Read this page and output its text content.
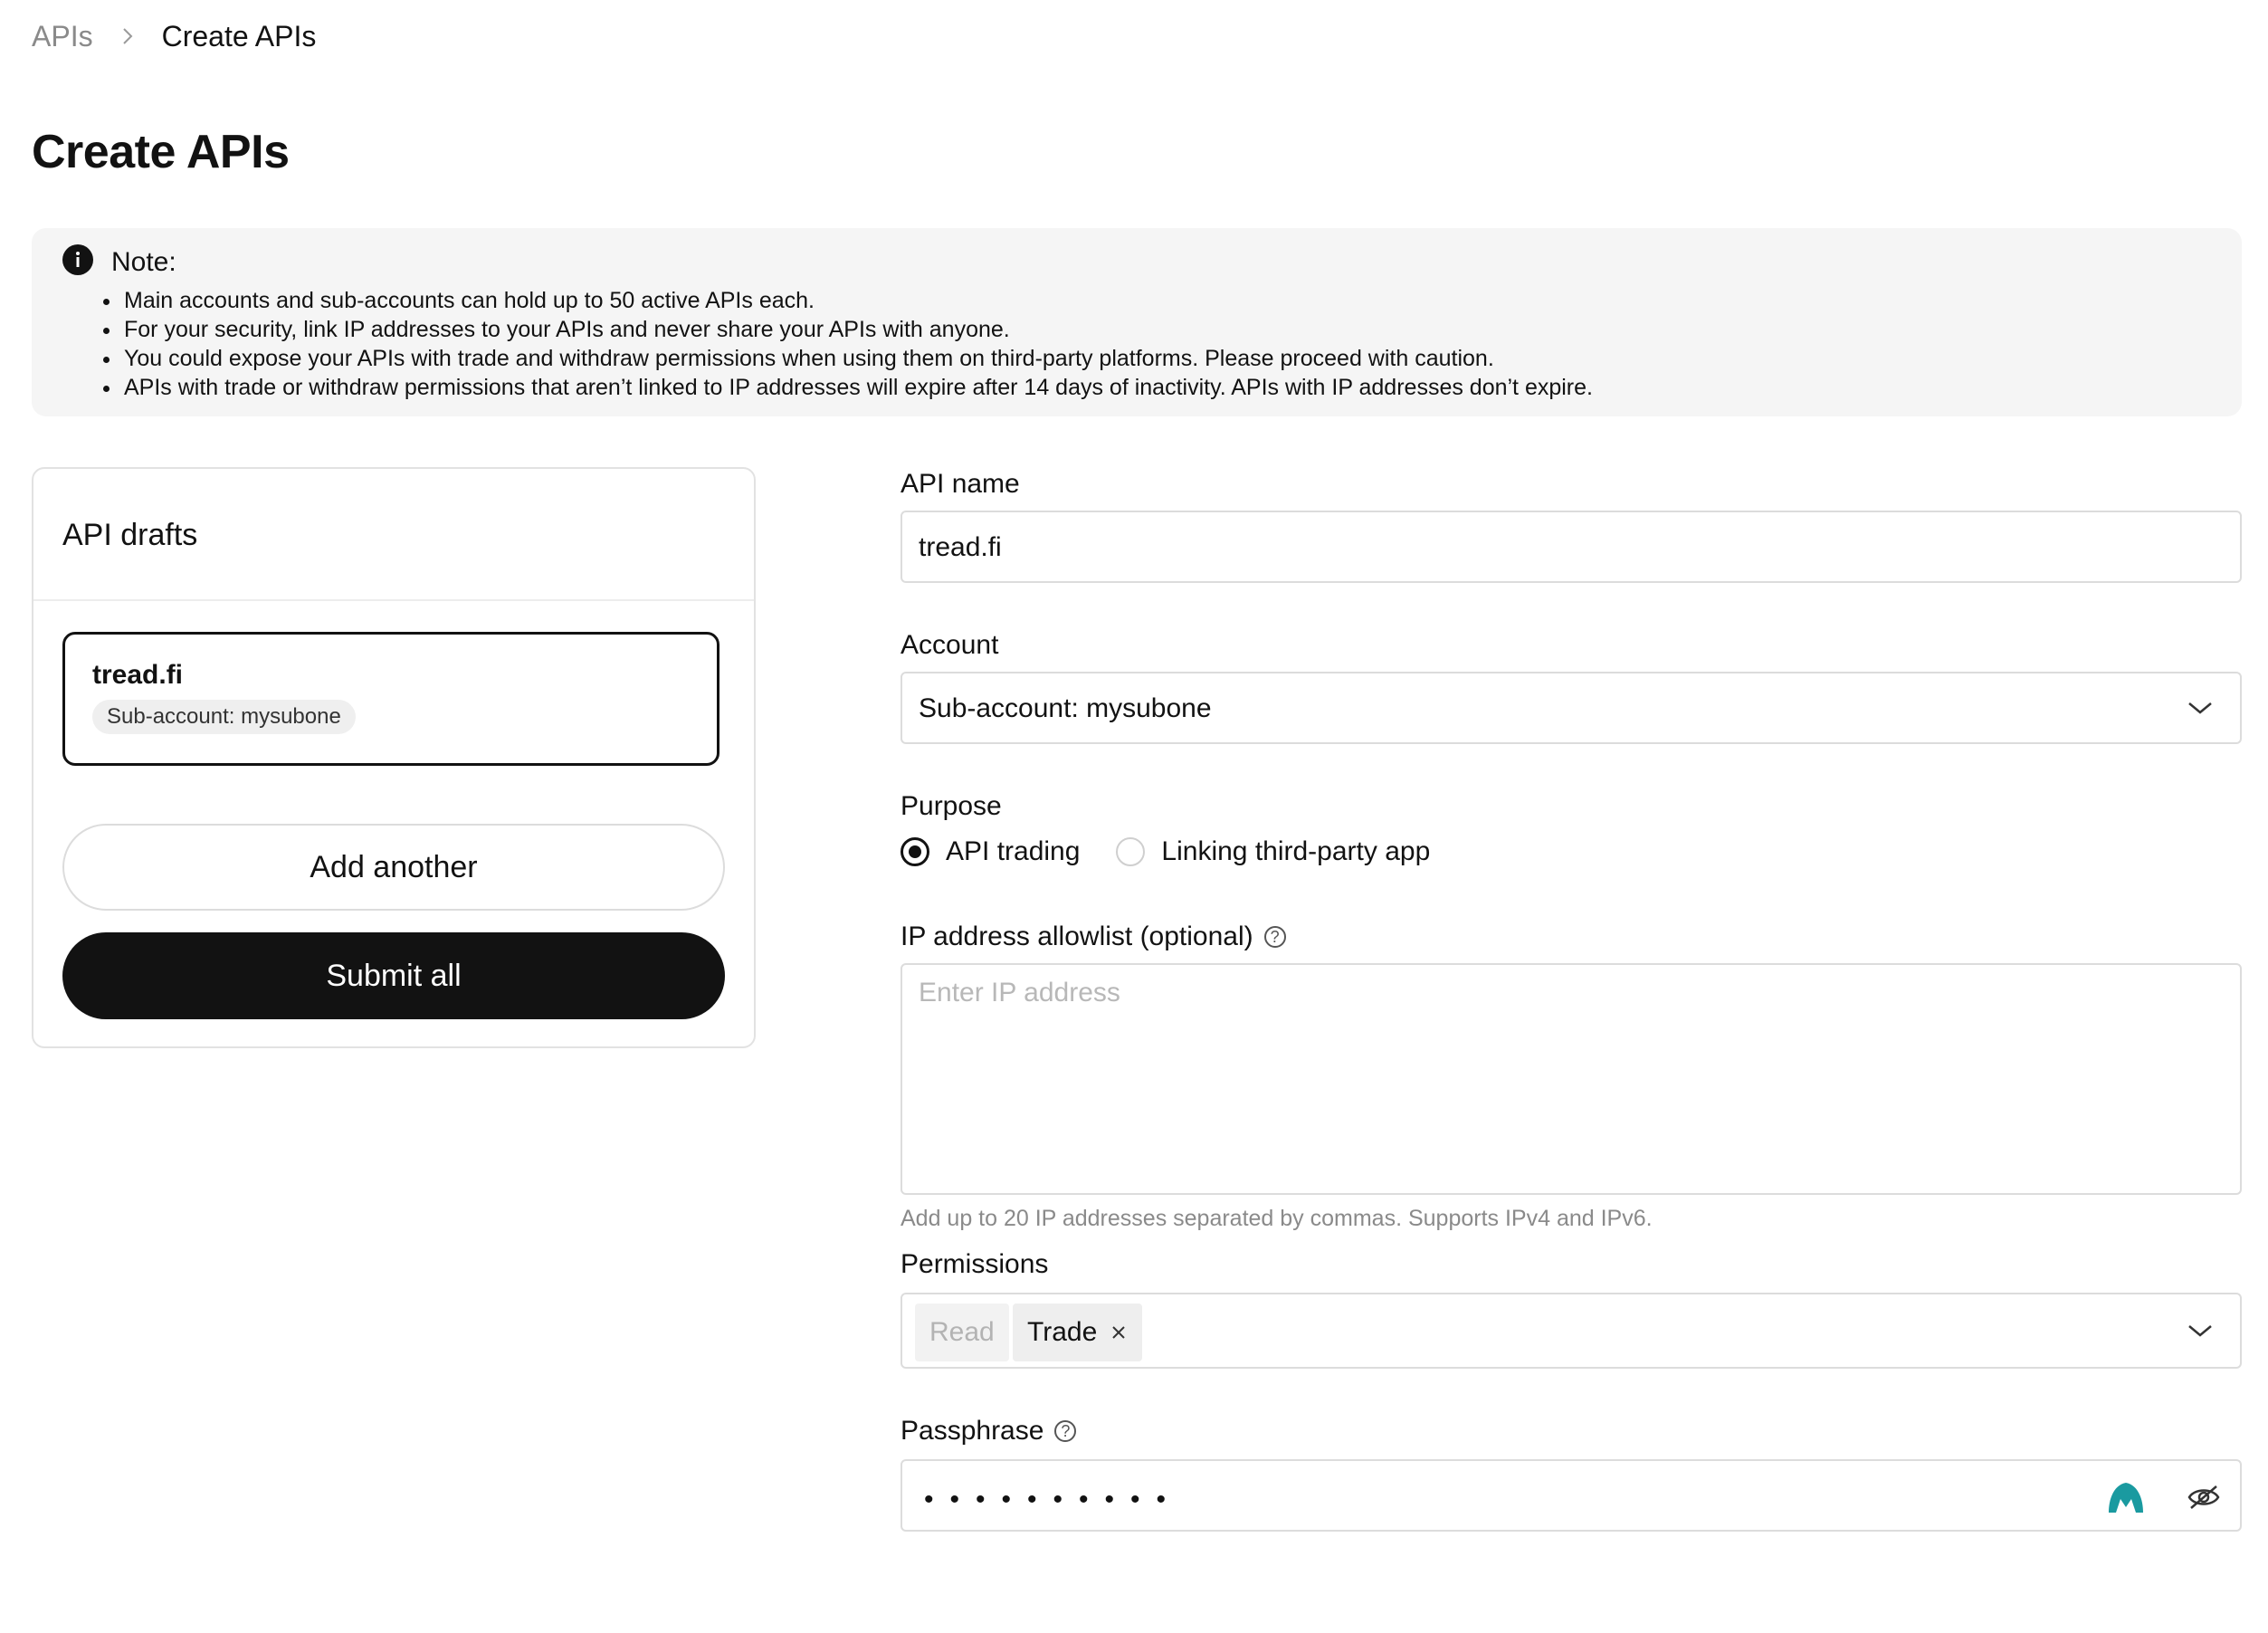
APIs Create APIs
Create APIs
Note:
• Main accounts and sub-accounts can hold up to 50 active APIs each.
• For your security, link IP addresses to your APIs and never share your APIs with anyone.
• You could expose your APIs with trade and withdraw permissions when using them on third-party platforms. Please proceed with caution.
• APIs with trade or withdraw permissions that aren’t linked to IP addresses will expire after 14 days of inactivity. APIs with IP addresses don’t expire.
API drafts
tread.fi
Sub-account: mysubone
Add another
Submit all
API name
tread.fi
Account
Sub-account: mysubone
Purpose
API trading	Linking third-party app
IP address allowlist (optional)	?
Enter IP address
Add up to 20 IP addresses separated by commas. Supports IPv4 and IPv6.
Permissions
Read Trade
Passphrase	?
••••••••••
